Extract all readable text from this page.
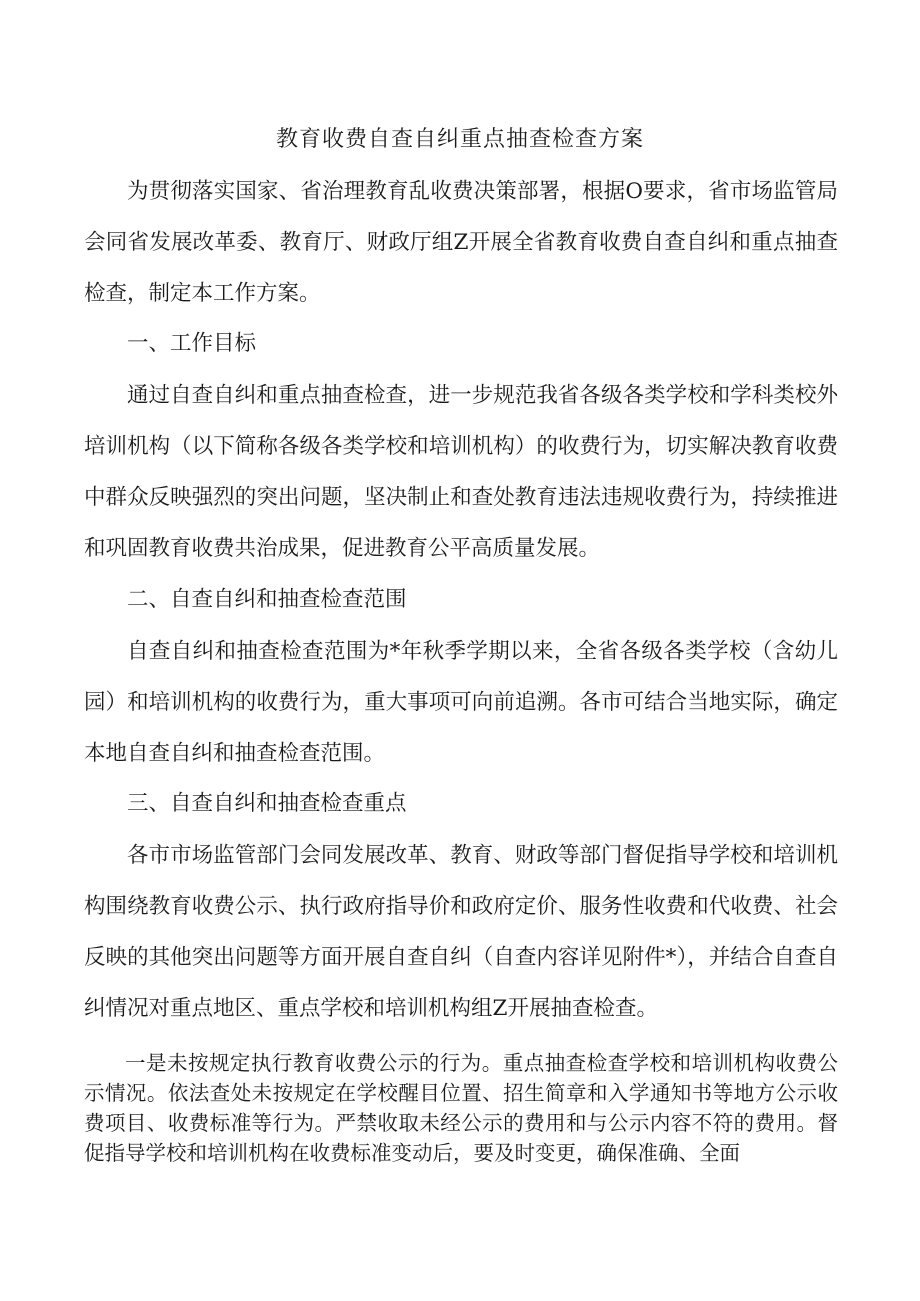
教育收费自查自纠重点抽查检查方案
为贯彻落实国家、省治理教育乱收费决策部署，根据O要求，省市场监管局会同省发展改革委、教育厅、财政厅组Z开展全省教育收费自查自纠和重点抽查检查，制定本工作方案。
一、工作目标
通过自查自纠和重点抽查检查，进一步规范我省各级各类学校和学科类校外培训机构（以下简称各级各类学校和培训机构）的收费行为，切实解决教育收费中群众反映强烈的突出问题，坚决制止和查处教育违法违规收费行为，持续推进和巩固教育收费共治成果，促进教育公平高质量发展。
二、自查自纠和抽查检查范围
自查自纠和抽查检查范围为*年秋季学期以来，全省各级各类学校（含幼儿园）和培训机构的收费行为，重大事项可向前追溯。各市可结合当地实际，确定本地自查自纠和抽查检查范围。
三、自查自纠和抽查检查重点
各市市场监管部门会同发展改革、教育、财政等部门督促指导学校和培训机构围绕教育收费公示、执行政府指导价和政府定价、服务性收费和代收费、社会反映的其他突出问题等方面开展自查自纠（自查内容详见附件*），并结合自查自纠情况对重点地区、重点学校和培训机构组Z开展抽查检查。
一是未按规定执行教育收费公示的行为。重点抽查检查学校和培训机构收费公示情况。依法查处未按规定在学校醒目位置、招生简章和入学通知书等地方公示收费项目、收费标准等行为。严禁收取未经公示的费用和与公示内容不符的费用。督促指导学校和培训机构在收费标准变动后，要及时变更，确保准确、全面
